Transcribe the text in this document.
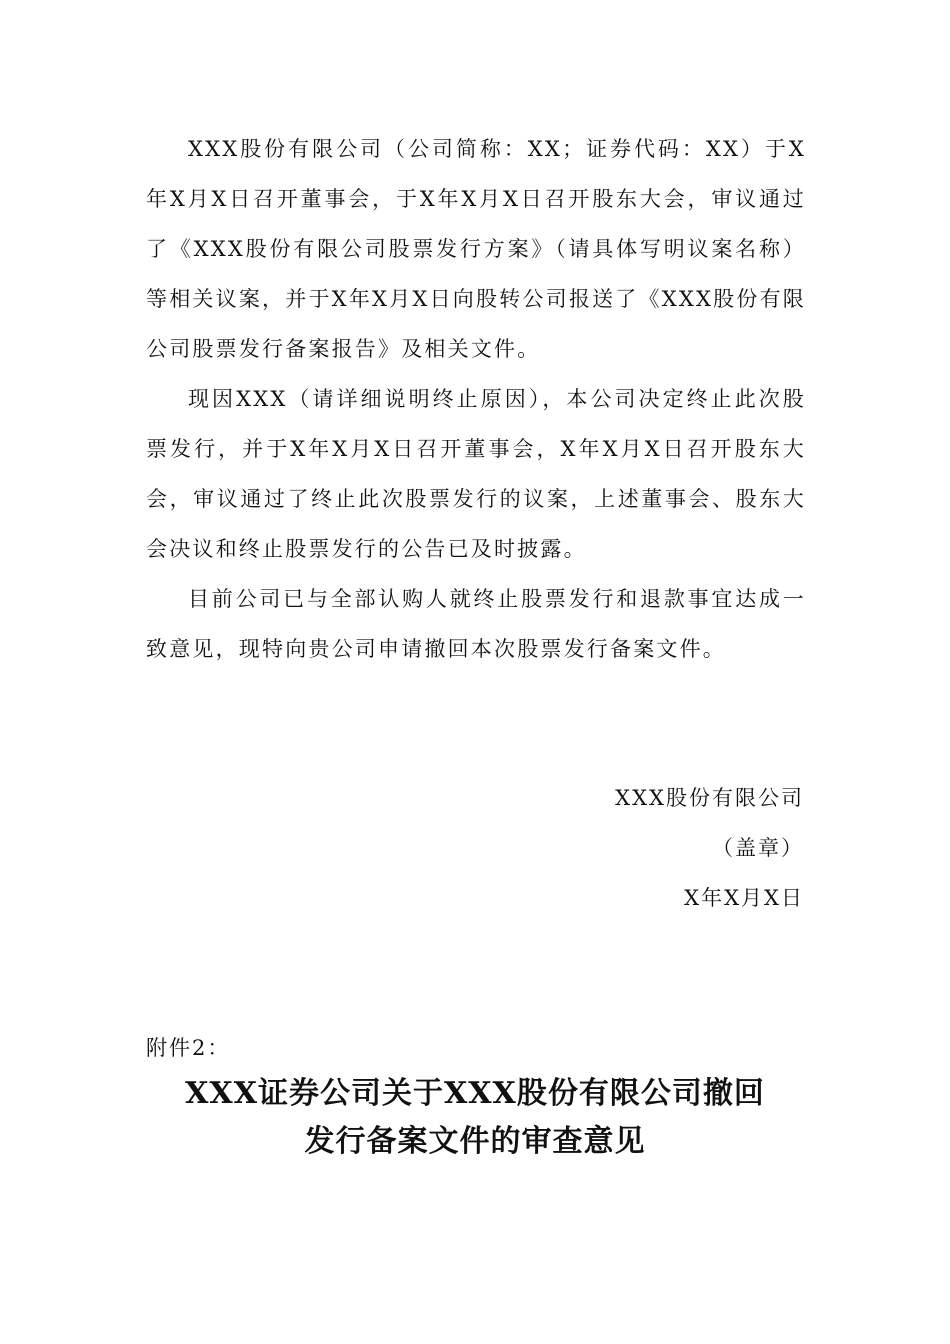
XXX股份有限公司（公司简称：XX；证券代码：XX）于X年X月X日召开董事会，于X年X月X日召开股东大会，审议通过了《XXX股份有限公司股票发行方案》（请具体写明议案名称）等相关议案，并于X年X月X日向股转公司报送了《XXX股份有限公司股票发行备案报告》及相关文件。

现因XXX（请详细说明终止原因），本公司决定终止此次股票发行，并于X年X月X日召开董事会，X年X月X日召开股东大会，审议通过了终止此次股票发行的议案，上述董事会、股东大会决议和终止股票发行的公告已及时披露。

目前公司已与全部认购人就终止股票发行和退款事宜达成一致意见，现特向贵公司申请撤回本次股票发行备案文件。

XXX股份有限公司
（盖章）
X年X月X日
附件2：
XXX证券公司关于XXX股份有限公司撤回
发行备案文件的审查意见
